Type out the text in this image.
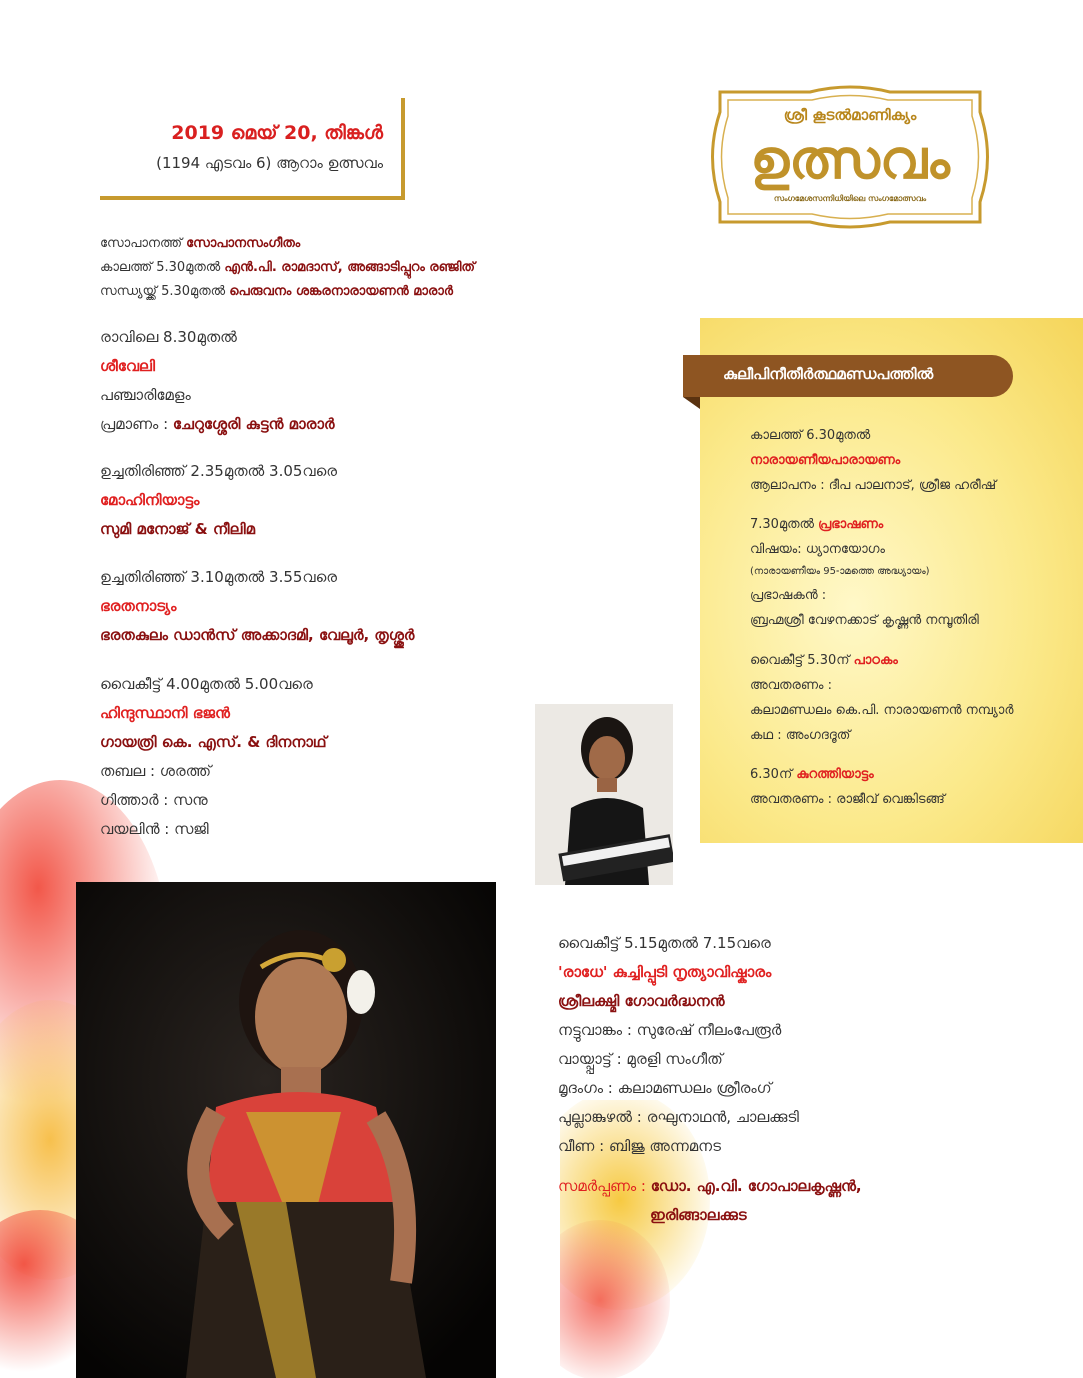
2019 മെയ് 20, തിങ്കൾ
(1194 എടവം 6) ആറാം ഉത്സവം
ശ്രീ കൂടൽമാണിക്യം
ഉത്സവം
സംഗമേശസന്നിധിയിലെ സംഗമോത്സവം
സോപാനത്ത് സോപാനസംഗീതം
കാലത്ത് 5.30മുതൽ എൻ.പി. രാമദാസ്, അങ്ങാടിപ്പുറം രഞ്ജിത്
സന്ധ്യയ്ക്ക് 5.30മുതൽ പെരുവനം ശങ്കരനാരായണൻ മാരാർ
രാവിലെ 8.30മുതൽ
ശീവേലി
പഞ്ചാരിമേളം
പ്രമാണം : ചേറുശ്ശേരി കുട്ടൻ മാരാർ
ഉച്ചതിരിഞ്ഞ് 2.35മുതൽ 3.05വരെ
മോഹിനിയാട്ടം
സുമി മനോജ് & നീലിമ
ഉച്ചതിരിഞ്ഞ് 3.10മുതൽ 3.55വരെ
ഭരതനാട്യം
ഭരതകുലം ഡാൻസ് അക്കാദമി, വേലൂർ, തൃശ്ശൂർ
വൈകീട്ട് 4.00മുതൽ 5.00വരെ
ഹിന്ദുസ്ഥാനി ഭജൻ
ഗായത്രി കെ. എസ്. & ദിനനാഥ്
തബല : ശരത്ത്
ഗിത്താർ : സനു
വയലിൻ : സജി
കുലീപിനീതീർത്ഥമണ്ഡപത്തിൽ
കാലത്ത് 6.30മുതൽ
നാരായണീയപാരായണം
ആലാപനം : ദീപ പാലനാട്, ശ്രീജ ഹരീഷ്
7.30മുതൽ പ്രഭാഷണം
വിഷയം: ധ്യാനയോഗം
(നാരായണീയം 95-ാമത്തെ അദ്ധ്യായം)
പ്രഭാഷകൻ :
ബ്രഹ്മശ്രീ വേഴനക്കാട് കൃഷ്ണൻ നമ്പൂതിരി
വൈകീട്ട് 5.30ന് പാഠകം
അവതരണം :
കലാമണ്ഡലം കെ.പി. നാരായണൻ നമ്പ്യാർ
കഥ : അംഗദദൂത്
6.30ന് കുറത്തിയാട്ടം
അവതരണം : രാജീവ് വെങ്കിടങ്ങ്
വൈകീട്ട് 5.15മുതൽ 7.15വരെ
'രാധേ' കുച്ചിപ്പുടി നൃത്യാവിഷ്കാരം
ശ്രീലക്ഷ്മി ഗോവർദ്ധനൻ
നട്ടുവാങ്കം : സുരേഷ് നീലംപേരൂർ
വായ്പ്പാട്ട് : മുരളി സംഗീത്
മൃദംഗം : കലാമണ്ഡലം ശ്രീരംഗ്
പുല്ലാങ്കുഴൽ : രഘുനാഥൻ, ചാലക്കുടി
വീണ : ബിജു അന്നമനട
സമർപ്പണം : ഡോ. എ.വി. ഗോപാലകൃഷ്ണൻ,
ഇരിങ്ങാലക്കുട
